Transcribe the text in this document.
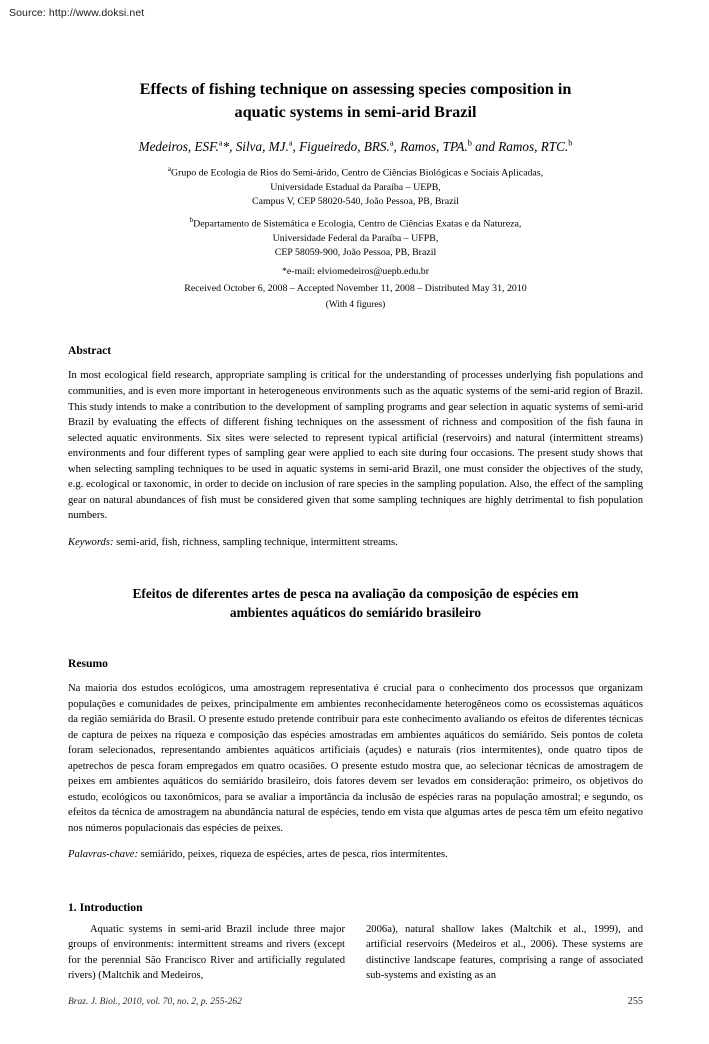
Source: http://www.doksi.net
Effects of fishing technique on assessing species composition in aquatic systems in semi-arid Brazil
Medeiros, ESF.$^a$*, Silva, MJ.$^a$, Figueiredo, BRS.$^a$, Ramos, TPA.$^b$ and Ramos, RTC.$^b$
$^a$Grupo de Ecologia de Rios do Semi-árido, Centro de Ciências Biológicas e Sociais Aplicadas,
Universidade Estadual da Paraíba – UEPB,
Campus V, CEP 58020-540, João Pessoa, PB, Brazil
$^b$Departamento de Sistemática e Ecologia, Centro de Ciências Exatas e da Natureza,
Universidade Federal da Paraíba – UFPB,
CEP 58059-900, João Pessoa, PB, Brazil
*e-mail: elviomedeiros@uepb.edu.br
Received October 6, 2008 – Accepted November 11, 2008 – Distributed May 31, 2010
(With 4 figures)
Abstract

In most ecological field research, appropriate sampling is critical for the understanding of processes underlying fish populations and communities, and is even more important in heterogeneous environments such as the aquatic systems of the semi-arid region of Brazil. This study intends to make a contribution to the development of sampling programs and gear selection in aquatic systems of semi-arid Brazil by evaluating the effects of different fishing techniques on the assessment of richness and composition of the fish fauna in selected aquatic environments. Six sites were selected to represent typical artificial (reservoirs) and natural (intermittent streams) environments and four different types of sampling gear were applied to each site during four occasions. The present study shows that when selecting sampling techniques to be used in aquatic systems in semi-arid Brazil, one must consider the objectives of the study, e.g. ecological or taxonomic, in order to decide on inclusion of rare species in the sampling population. Also, the effect of the sampling gear on natural abundances of fish must be considered given that some sampling techniques are highly detrimental to fish population numbers.

Keywords: semi-arid, fish, richness, sampling technique, intermittent streams.

Efeitos de diferentes artes de pesca na avaliação da composição de espécies em ambientes aquáticos do semiárido brasileiro
Resumo

Na maioria dos estudos ecológicos, uma amostragem representativa é crucial para o conhecimento dos processos que organizam populações e comunidades de peixes, principalmente em ambientes reconhecidamente heterogêneos como os ecossistemas aquáticos da região semiárida do Brasil. O presente estudo pretende contribuir para este conhecimento avaliando os efeitos de diferentes técnicas de captura de peixes na riqueza e composição das espécies amostradas em ambientes aquáticos do semiárido. Seis pontos de coleta foram selecionados, representando ambientes aquáticos artificiais (açudes) e naturais (rios intermitentes), onde quatro tipos de apetrechos de pesca foram empregados em quatro ocasiões. O presente estudo mostra que, ao selecionar técnicas de amostragem de peixes em ambientes aquáticos do semiárido brasileiro, dois fatores devem ser levados em consideração: primeiro, os objetivos do estudo, ecológicos ou taxonômicos, para se avaliar a importância da inclusão de espécies raras na população amostral; e segundo, os efeitos da técnica de amostragem na abundância natural de espécies, tendo em vista que algumas artes de pesca têm um efeito negativo nos números populacionais das espécies de peixes.

Palavras-chave: semiárido, peixes, riqueza de espécies, artes de pesca, rios intermitentes.

1. Introduction

Aquatic systems in semi-arid Brazil include three major groups of environments: intermittent streams and rivers (except for the perennial São Francisco River and artificially regulated rivers) (Maltchik and Medeiros,

2006a), natural shallow lakes (Maltchik et al., 1999), and artificial reservoirs (Medeiros et al., 2006). These systems are distinctive landscape features, comprising a range of associated sub-systems and existing as an

Braz. J. Biol., 2010, vol. 70, no. 2, p. 255-262	255
